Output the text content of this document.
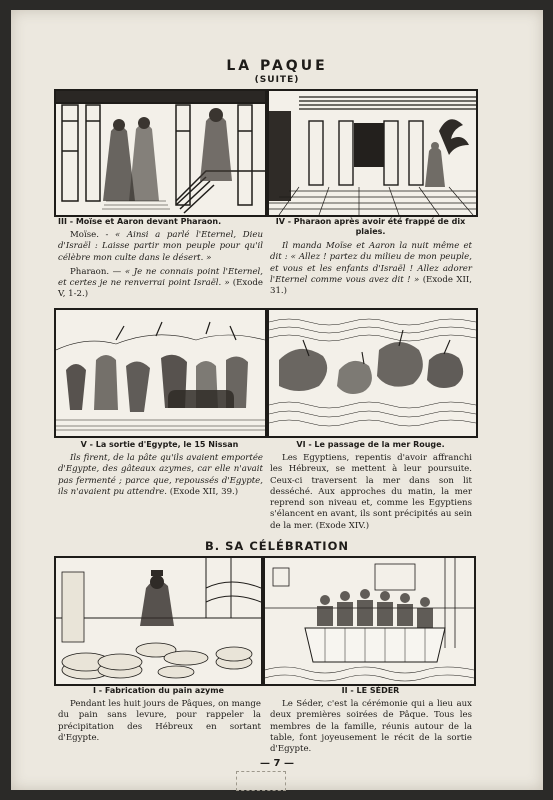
LA PAQUE
(SUITE)
III - Moïse et Aaron devant Pharaon.

Moïse. - « Ainsi a parlé l'Eternel, Dieu d'Israël : Laisse partir mon peuple pour qu'il célèbre mon culte dans le désert. »

Pharaon. — « Je ne connais point l'Eternel, et certes je ne renverrai point Israël. » (Exode V, 1-2.)

IV - Pharaon après avoir été frappé de dix plaies.

Il manda Moïse et Aaron la nuit même et dit : « Allez ! partez du milieu de mon peuple, et vous et les enfants d'Israël ! Allez adorer l'Eternel comme vous avez dit ! » (Exode XII, 31.)

V - La sortie d'Egypte, le 15 Nissan

Ils firent, de la pâte qu'ils avaient emportée d'Egypte, des gâteaux azymes, car elle n'avait pas fermenté ; parce que, repoussés d'Egypte, ils n'avaient pu attendre. (Exode XII, 39.)

VI - Le passage de la mer Rouge.

Les Egyptiens, repentis d'avoir affranchi les Hébreux, se mettent à leur poursuite. Ceux-ci traversent la mer dans son lit desséché. Aux approches du matin, la mer reprend son niveau et, comme les Egyptiens s'élancent en avant, ils sont précipités au sein de la mer. (Exode XIV.)

B. SA CÉLÉBRATION
I - Fabrication du pain azyme

Pendant les huit jours de Pâques, on mange du pain sans levure, pour rappeler la précipitation des Hébreux en sortant d'Egypte.

II - LE SÉDER

Le Séder, c'est la cérémonie qui a lieu aux deux premières soirées de Pâque. Tous les membres de la famille, réunis autour de la table, font joyeusement le récit de la sortie d'Egypte.

— 7 —
